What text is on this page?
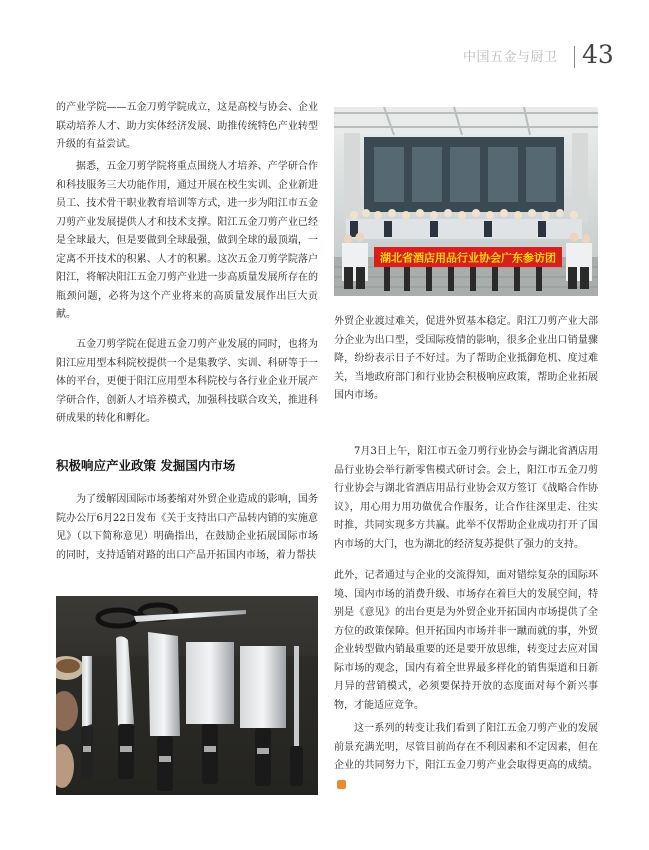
中国五金与厨卫 43

的产业学院——五金刀剪学院成立，这是高校与协会、企业联动培养人才、助力实体经济发展、助推传统特色产业转型升级的有益尝试。

据悉，五金刀剪学院将重点围绕人才培养、产学研合作和科技服务三大功能作用，通过开展在校生实训、企业新进员工、技术骨干职业教育培训等方式，进一步为阳江市五金刀剪产业发展提供人才和技术支撑。阳江五金刀剪产业已经是全球最大，但是要做到全球最强，做到全球的最顶端，一定离不开技术的积累、人才的积累。这次五金刀剪学院落户阳江，将解决阳江五金刀剪产业进一步高质量发展所存在的瓶颈问题，必将为这个产业将来的高质量发展作出巨大贡献。

五金刀剪学院在促进五金刀剪产业发展的同时，也将为阳江应用型本科院校提供一个是集教学、实训、科研等于一体的平台，更便于阳江应用型本科院校与各行业企业开展产学研合作，创新人才培养模式，加强科技联合攻关，推进科研成果的转化和孵化。

积极响应产业政策 发掘国内市场

为了缓解因国际市场萎缩对外贸企业造成的影响，国务院办公厅6月22日发布《关于支持出口产品转内销的实施意见》（以下简称意见）明确指出，在鼓励企业拓展国际市场的同时，支持适销对路的出口产品开拓国内市场，着力帮扶

湖北省酒店用品行业协会广东参访团

外贸企业渡过难关，促进外贸基本稳定。阳江刀剪产业大部分企业为出口型，受国际疫情的影响，很多企业出口销量骤降，纷纷表示日子不好过。为了帮助企业抵御危机、度过难关，当地政府部门和行业协会积极响应政策，帮助企业拓展国内市场。

7月3日上午，阳江市五金刀剪行业协会与湖北省酒店用品行业协会举行新零售模式研讨会。会上，阳江市五金刀剪行业协会与湖北省酒店用品行业协会双方签订《战略合作协议》，用心用力用功做优合作服务，让合作往深里走、往实时推，共同实现多方共赢。此举不仅帮助企业成功打开了国内市场的大门，也为湖北的经济复苏提供了强力的支持。

此外，记者通过与企业的交流得知，面对错综复杂的国际环境、国内市场的消费升级、市场存在着巨大的发展空间，特别是《意见》的出台更是为外贸企业开拓国内市场提供了全方位的政策保障。但开拓国内市场并非一蹴而就的事，外贸企业转型做内销最重要的还是要开放思维，转变过去应对国际市场的观念，国内有着全世界最多样化的销售渠道和日新月异的营销模式，必须要保持开放的态度面对每个新兴事物，才能适应竞争。

这一系列的转变让我们看到了阳江五金刀剪产业的发展前景充满光明，尽管目前尚存在不利因素和不定因素，但在企业的共同努力下，阳江五金刀剪产业会取得更高的成绩。E
